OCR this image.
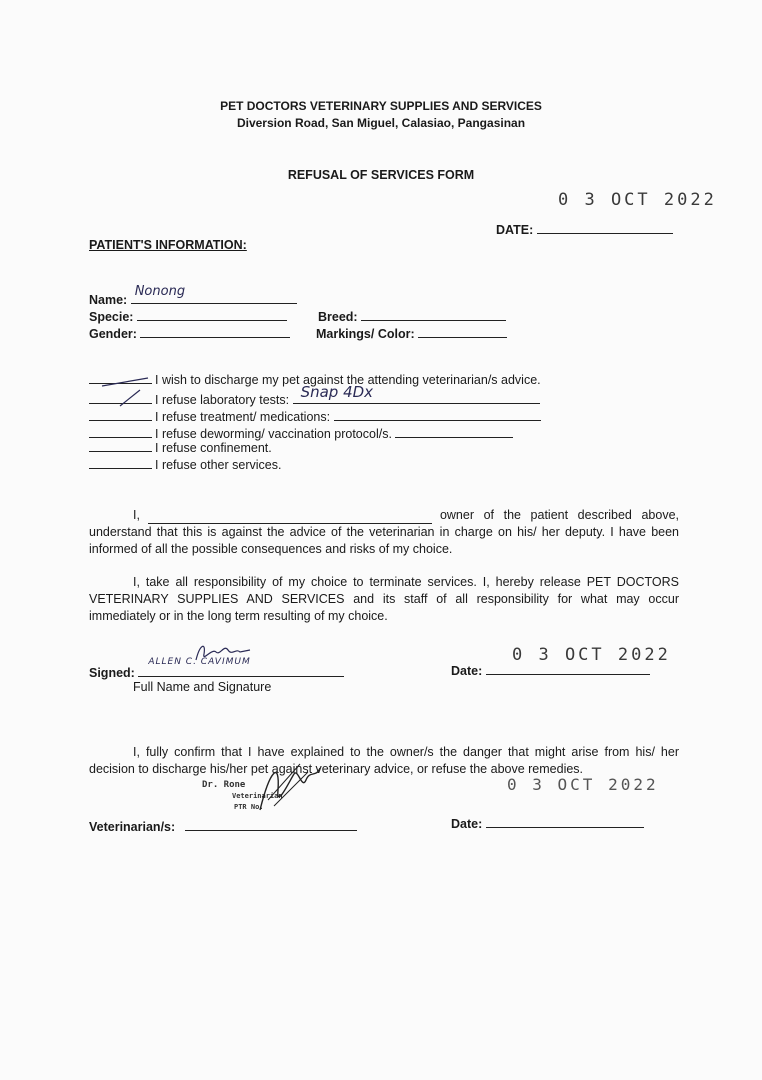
PET DOCTORS VETERINARY SUPPLIES AND SERVICES
Diversion Road, San Miguel, Calasiao, Pangasinan
REFUSAL OF SERVICES FORM
0 3 OCT 2022
DATE:
PATIENT'S INFORMATION:
Name:
Nonong
Specie:
Gender:
Breed:
Markings/ Color:
I wish to discharge my pet against the attending veterinarian/s advice.
I refuse laboratory tests: Snap 4Dx
I refuse treatment/ medications:
I refuse deworming/ vaccination protocol/s.
I refuse confinement.
I refuse other services.
I,	owner of the patient described above,
understand that this is against the advice of the veterinarian in charge on his/ her deputy. I have been informed of all the possible consequences and risks of my choice.
I, take all responsibility of my choice to terminate services. I, hereby release PET DOCTORS VETERINARY SUPPLIES AND SERVICES and its staff of all responsibility for what may occur immediately or in the long term resulting of my choice.
Signed:
ALLEN C. CAVIMUM
Full Name and Signature
0 3 OCT 2022
Date:
I, fully confirm that I have explained to the owner/s the danger that might arise from his/ her decision to discharge his/her pet against veterinary advice, or refuse the above remedies.
Dr. Rone
Veterinarian
PTR No.
Veterinarian/s:
0 3 OCT 2022
Date:
